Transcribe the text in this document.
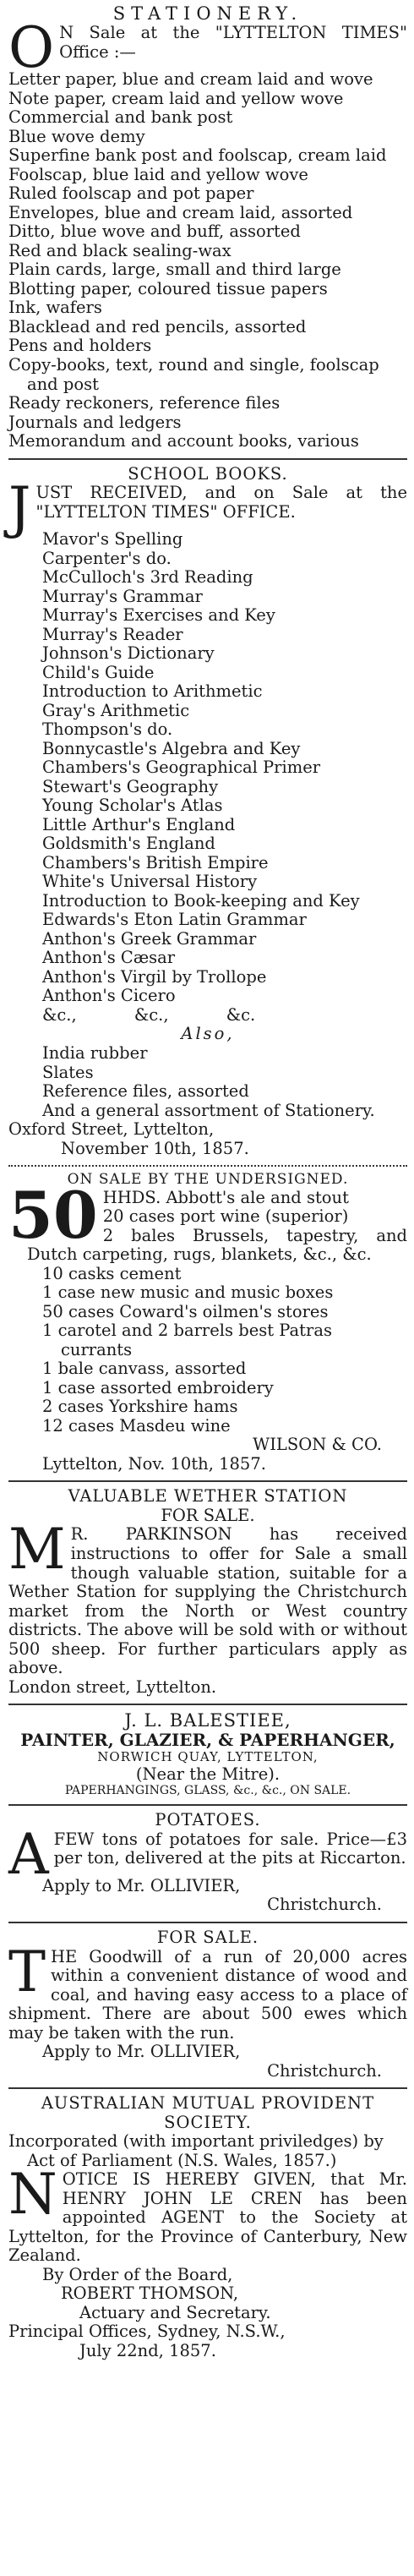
STATIONERY.

O N Sale at the "LYTTELTON TIMES" Office :—

Letter paper, blue and cream laid and wove

Note paper, cream laid and yellow wove

Commercial and bank post

Blue wove demy

Superfine bank post and foolscap, cream laid

Foolscap, blue laid and yellow wove

Ruled foolscap and pot paper

Envelopes, blue and cream laid, assorted

Ditto, blue wove and buff, assorted

Red and black sealing-wax

Plain cards, large, small and third large

Blotting paper, coloured tissue papers

Ink, wafers

Blacklead and red pencils, assorted

Pens and holders

Copy-books, text, round and single, foolscap and post

Ready reckoners, reference files

Journals and ledgers

Memorandum and account books, various

SCHOOL BOOKS.

J UST RECEIVED, and on Sale at the "LYTTELTON TIMES" OFFICE.

Mavor's Spelling

Carpenter's do.

McCulloch's 3rd Reading

Murray's Grammar

Murray's Exercises and Key

Murray's Reader

Johnson's Dictionary

Child's Guide

Introduction to Arithmetic

Gray's Arithmetic

Thompson's do.

Bonnycastle's Algebra and Key

Chambers's Geographical Primer

Stewart's Geography

Young Scholar's Atlas

Little Arthur's England

Goldsmith's England

Chambers's British Empire

White's Universal History

Introduction to Book-keeping and Key

Edwards's Eton Latin Grammar

Anthon's Greek Grammar

Anthon's Cæsar

Anthon's Virgil by Trollope

Anthon's Cicero

&c., &c., &c.

Also,

India rubber

Slates

Reference files, assorted

And a general assortment of Stationery.

Oxford Street, Lyttelton,

November 10th, 1857.

ON SALE BY THE UNDERSIGNED.

50 HHDS. Abbott's ale and stout

20 cases port wine (superior)

2 bales Brussels, tapestry, and Dutch carpeting, rugs, blankets, &c., &c.

10 casks cement

1 case new music and music boxes

50 cases Coward's oilmen's stores

1 carotel and 2 barrels best Patras currants

1 bale canvass, assorted

1 case assorted embroidery

2 cases Yorkshire hams

12 cases Masdeu wine

WILSON & CO.

Lyttelton, Nov. 10th, 1857.

VALUABLE WETHER STATION

FOR SALE.

M R. PARKINSON has received instructions to offer for Sale a small though valuable station, suitable for a Wether Station for supplying the Christchurch market from the North or West country districts. The above will be sold with or without 500 sheep. For further particulars apply as above.

London street, Lyttelton.

J. L. BALESTIEE,

PAINTER, GLAZIER, & PAPERHANGER,

NORWICH QUAY, LYTTELTON,

(Near the Mitre).

PAPERHANGINGS, GLASS, &c., &c., ON SALE.

POTATOES.

A FEW tons of potatoes for sale. Price—£3 per ton, delivered at the pits at Riccarton.

Apply to Mr. OLLIVIER,

Christchurch.

FOR SALE.

T HE Goodwill of a run of 20,000 acres within a convenient distance of wood and coal, and having easy access to a place of shipment. There are about 500 ewes which may be taken with the run.

Apply to Mr. OLLIVIER,

Christchurch.

AUSTRALIAN MUTUAL PROVIDENT SOCIETY.

Incorporated (with important priviledges) by Act of Parliament (N.S. Wales, 1857.)

N OTICE IS HEREBY GIVEN, that Mr. HENRY JOHN LE CREN has been appointed AGENT to the Society at Lyttelton, for the Province of Canterbury, New Zealand.

By Order of the Board,

ROBERT THOMSON,

Actuary and Secretary.

Principal Offices, Sydney, N.S.W.,

July 22nd, 1857.
